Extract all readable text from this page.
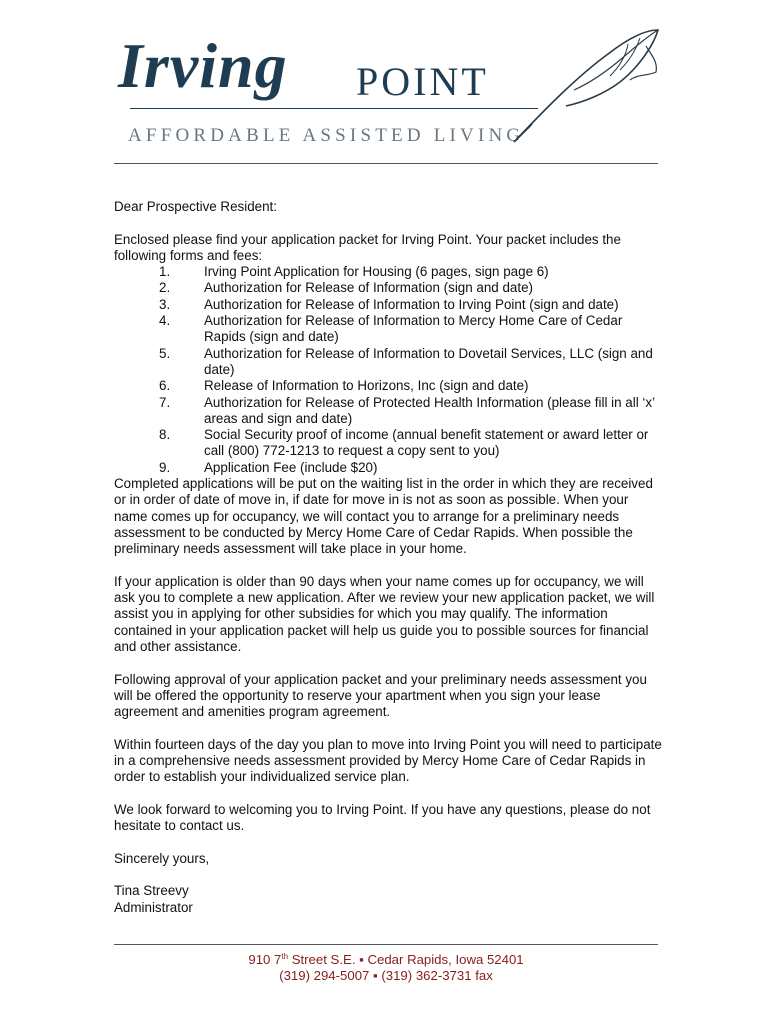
Irving POINT
AFFORDABLE ASSISTED LIVING

Dear Prospective Resident:

Enclosed please find your application packet for Irving Point. Your packet includes the following forms and fees:

1.	Irving Point Application for Housing (6 pages, sign page 6)
2.	Authorization for Release of Information (sign and date)
3.	Authorization for Release of Information to Irving Point (sign and date)
4.	Authorization for Release of Information to Mercy Home Care of Cedar Rapids (sign and date)
5.	Authorization for Release of Information to Dovetail Services, LLC (sign and date)
6.	Release of Information to Horizons, Inc (sign and date)
7.	Authorization for Release of Protected Health Information (please fill in all ‘x’ areas and sign and date)
8.	Social Security proof of income (annual benefit statement or award letter or call (800) 772-1213 to request a copy sent to you)
9.	Application Fee (include $20)

Completed applications will be put on the waiting list in the order in which they are received or in order of date of move in, if date for move in is not as soon as possible. When your name comes up for occupancy, we will contact you to arrange for a preliminary needs assessment to be conducted by Mercy Home Care of Cedar Rapids. When possible the preliminary needs assessment will take place in your home.

If your application is older than 90 days when your name comes up for occupancy, we will ask you to complete a new application. After we review your new application packet, we will assist you in applying for other subsidies for which you may qualify. The information contained in your application packet will help us guide you to possible sources for financial and other assistance.

Following approval of your application packet and your preliminary needs assessment you will be offered the opportunity to reserve your apartment when you sign your lease agreement and amenities program agreement.

Within fourteen days of the day you plan to move into Irving Point you will need to participate in a comprehensive needs assessment provided by Mercy Home Care of Cedar Rapids in order to establish your individualized service plan.

We look forward to welcoming you to Irving Point. If you have any questions, please do not hesitate to contact us.

Sincerely yours,

Tina Streevy

Administrator

910 7th Street S.E. ▪ Cedar Rapids, Iowa 52401
(319) 294-5007 ▪ (319) 362-3731 fax
